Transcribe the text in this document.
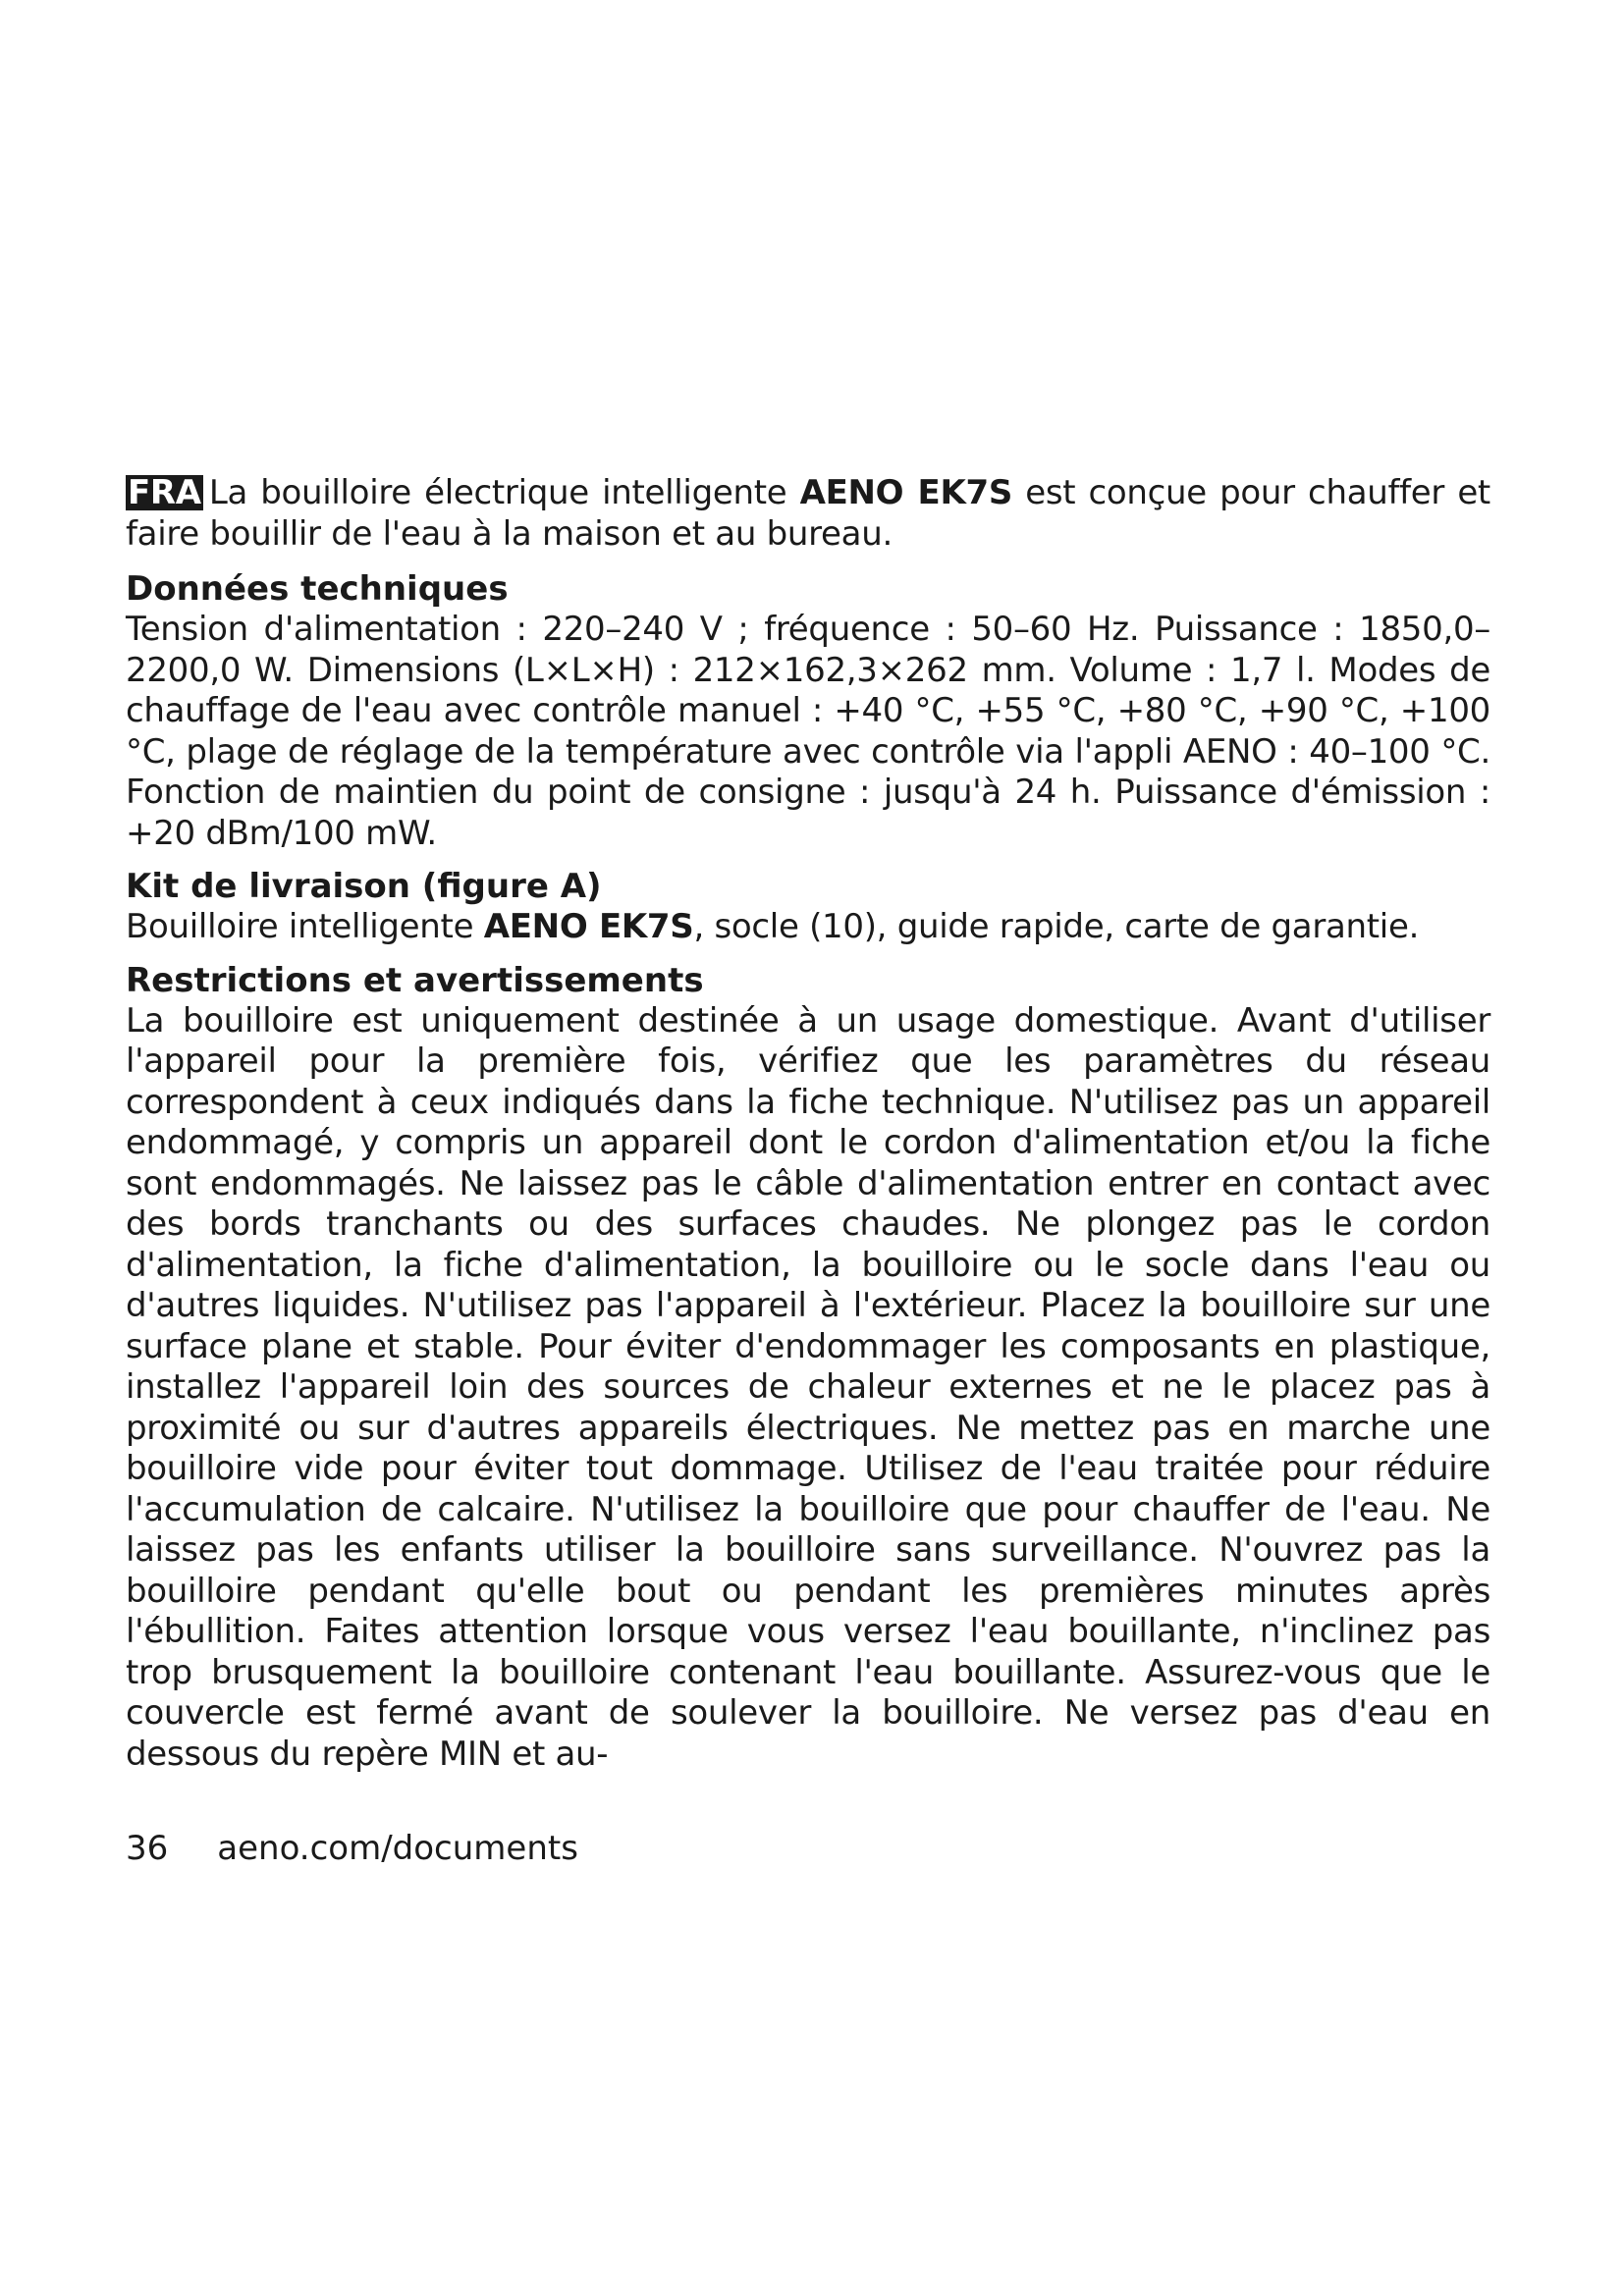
FRA La bouilloire électrique intelligente AENO EK7S est conçue pour chauffer et faire bouillir de l'eau à la maison et au bureau.

Données techniques

Tension d'alimentation : 220–240 V ; fréquence : 50–60 Hz. Puissance : 1850,0–2200,0 W. Dimensions (L×L×H) : 212×162,3×262 mm. Volume : 1,7 l. Modes de chauffage de l'eau avec contrôle manuel : +40 °C, +55 °C, +80 °C, +90 °C, +100 °C, plage de réglage de la température avec contrôle via l'appli AENO : 40–100 °C. Fonction de maintien du point de consigne : jusqu'à 24 h. Puissance d'émission : +20 dBm/100 mW.

Kit de livraison (figure A)

Bouilloire intelligente AENO EK7S, socle (10), guide rapide, carte de garantie.

Restrictions et avertissements

La bouilloire est uniquement destinée à un usage domestique. Avant d'utiliser l'appareil pour la première fois, vérifiez que les paramètres du réseau correspondent à ceux indiqués dans la fiche technique. N'utilisez pas un appareil endommagé, y compris un appareil dont le cordon d'alimentation et/ou la fiche sont endommagés. Ne laissez pas le câble d'alimentation entrer en contact avec des bords tranchants ou des surfaces chaudes. Ne plongez pas le cordon d'alimentation, la fiche d'alimentation, la bouilloire ou le socle dans l'eau ou d'autres liquides. N'utilisez pas l'appareil à l'extérieur. Placez la bouilloire sur une surface plane et stable. Pour éviter d'endommager les composants en plastique, installez l'appareil loin des sources de chaleur externes et ne le placez pas à proximité ou sur d'autres appareils électriques. Ne mettez pas en marche une bouilloire vide pour éviter tout dommage. Utilisez de l'eau traitée pour réduire l'accumulation de calcaire. N'utilisez la bouilloire que pour chauffer de l'eau. Ne laissez pas les enfants utiliser la bouilloire sans surveillance. N'ouvrez pas la bouilloire pendant qu'elle bout ou pendant les premières minutes après l'ébullition. Faites attention lorsque vous versez l'eau bouillante, n'inclinez pas trop brusquement la bouilloire contenant l'eau bouillante. Assurez-vous que le couvercle est fermé avant de soulever la bouilloire. Ne versez pas d'eau en dessous du repère MIN et au-

36 aeno.com/documents
